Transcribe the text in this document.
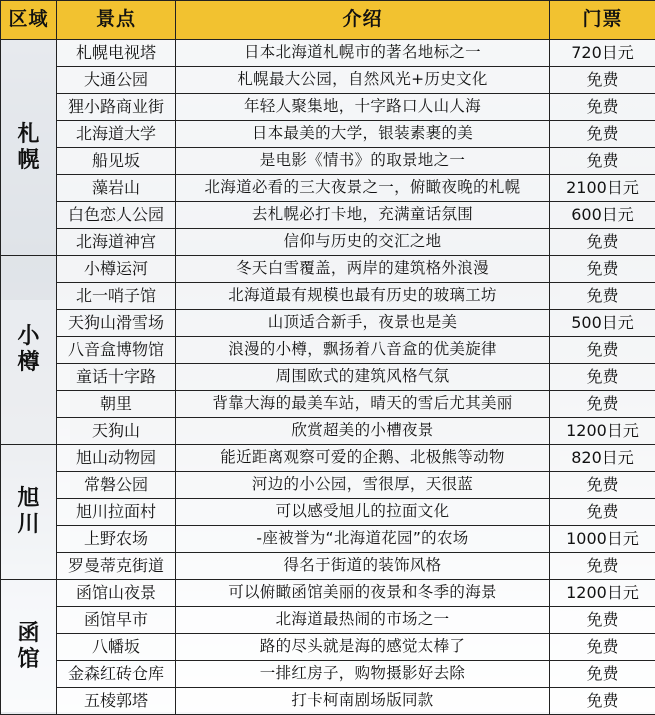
区域	景点	介绍	门票
札幌	札幌电视塔	日本北海道札幌市的著名地标之一	720日元
	大通公园	札幌最大公园，自然风光+历史文化	免费
	狸小路商业街	年轻人聚集地，十字路口人山人海	免费
	北海道大学	日本最美的大学，银装素裹的美	免费
	船见坂	是电影《情书》的取景地之一	免费
	藻岩山	北海道必看的三大夜景之一，俯瞰夜晚的札幌	2100日元
	白色恋人公园	去札幌必打卡地，充满童话氛围	600日元
	北海道神宫	信仰与历史的交汇之地	免费
小樽	小樽运河	冬天白雪覆盖，两岸的建筑格外浪漫	免费
	北一哨子馆	北海道最有规模也最有历史的玻璃工坊	免费
	天狗山滑雪场	山顶适合新手，夜景也是美	500日元
	八音盒博物馆	浪漫的小樽，飘扬着八音盒的优美旋律	免费
	童话十字路	周围欧式的建筑风格气氛	免费
	朝里	背靠大海的最美车站，晴天的雪后尤其美丽	免费
	天狗山	欣赏超美的小槽夜景	1200日元
旭川	旭山动物园	能近距离观察可爱的企鹅、北极熊等动物	820日元
	常磐公园	河边的小公园，雪很厚，天很蓝	免费
	旭川拉面村	可以感受旭儿的拉面文化	免费
	上野农场	-座被誉为“北海道花园”的农场	1000日元
	罗曼蒂克街道	得名于街道的装饰风格	免费
函馆	函馆山夜景	可以俯瞰函馆美丽的夜景和冬季的海景	1200日元
	函馆早市	北海道最热闹的市场之一	免费
	八幡坂	路的尽头就是海的感觉太棒了	免费
	金森红砖仓库	一排红房子，购物摄影好去除	免费
	五棱郭塔	打卡柯南剧场版同款	免费
